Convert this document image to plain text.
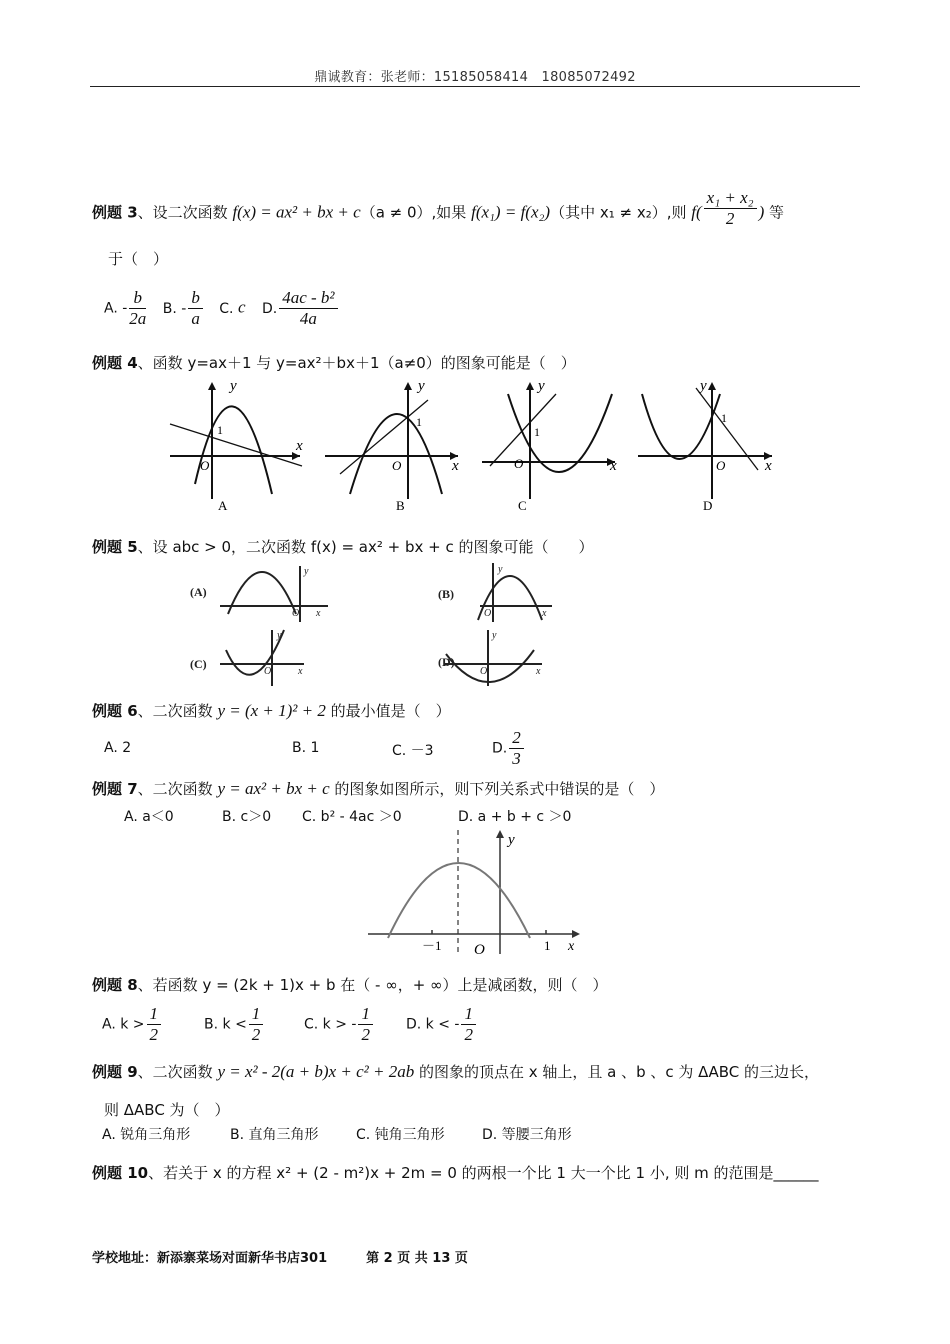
鼎诚教育：张老师：15185058414　18085072492
例题 3、设二次函数 f(x) = ax² + bx + c（a ≠ 0）,如果 f(x₁) = f(x₂)（其中 x₁ ≠ x₂）,则 $f( \frac{\text{x₁ + x₂}}{2}$ ) 等
于（　）
A. - $\frac{b}{2a} B$. - $\frac{b}{a} C$. c D. $\frac{\text{4ac - b²}}{4a}$
例题 4、函数 y=ax＋1 与 y=ax²＋bx＋1（a≠0）的图象可能是（　）
y
x
O
1
A
y
x
O
1
B
y
x
O
1
C
y
x
O
1
D
例题 5、设 abc > 0，二次函数 f(x) = ax² + bx + c 的图象可能（　　）
(A)	(B)
(C)	(D)
y
x
O
y
x
O
y
x
O
y
x
O
例题 6、二次函数 y = (x + 1)² + 2 的最小值是（　）
A. 2	B. 1	C. －3	D. $\frac{2}{3}$
例题 7、二次函数 y = ax² + bx + c 的图象如图所示，则下列关系式中错误的是（　）
A. a＜0	B. c＞0 C. b² - 4ac ＞0	D. a + b + c ＞0
y
x
O
－1	1
例题 8、若函数 y = (2k + 1)x + b 在（ - ∞，+ ∞）上是减函数，则（　）
A. $k > \frac{1}{2}$	B. $k < \frac{1}{2}$	C. k > - $\frac{1}{2} D$. k < - $\frac{1}{2}$
例题 9、二次函数 y = x² - 2(a + b)x + c² + 2ab 的图象的顶点在 x 轴上，且 a 、b 、c 为 ΔABC 的三边长，
则 ΔABC 为（　）
A. 锐角三角形	B. 直角三角形	C. 钝角三角形	D. 等腰三角形
例题 10、若关于 x 的方程 x² + (2 - m²)x + 2m = 0 的两根一个比 1 大一个比 1 小, 则 m 的范围是______
学校地址：新添寨菜场对面新华书店301　　　	第 2 页 共 13 页
